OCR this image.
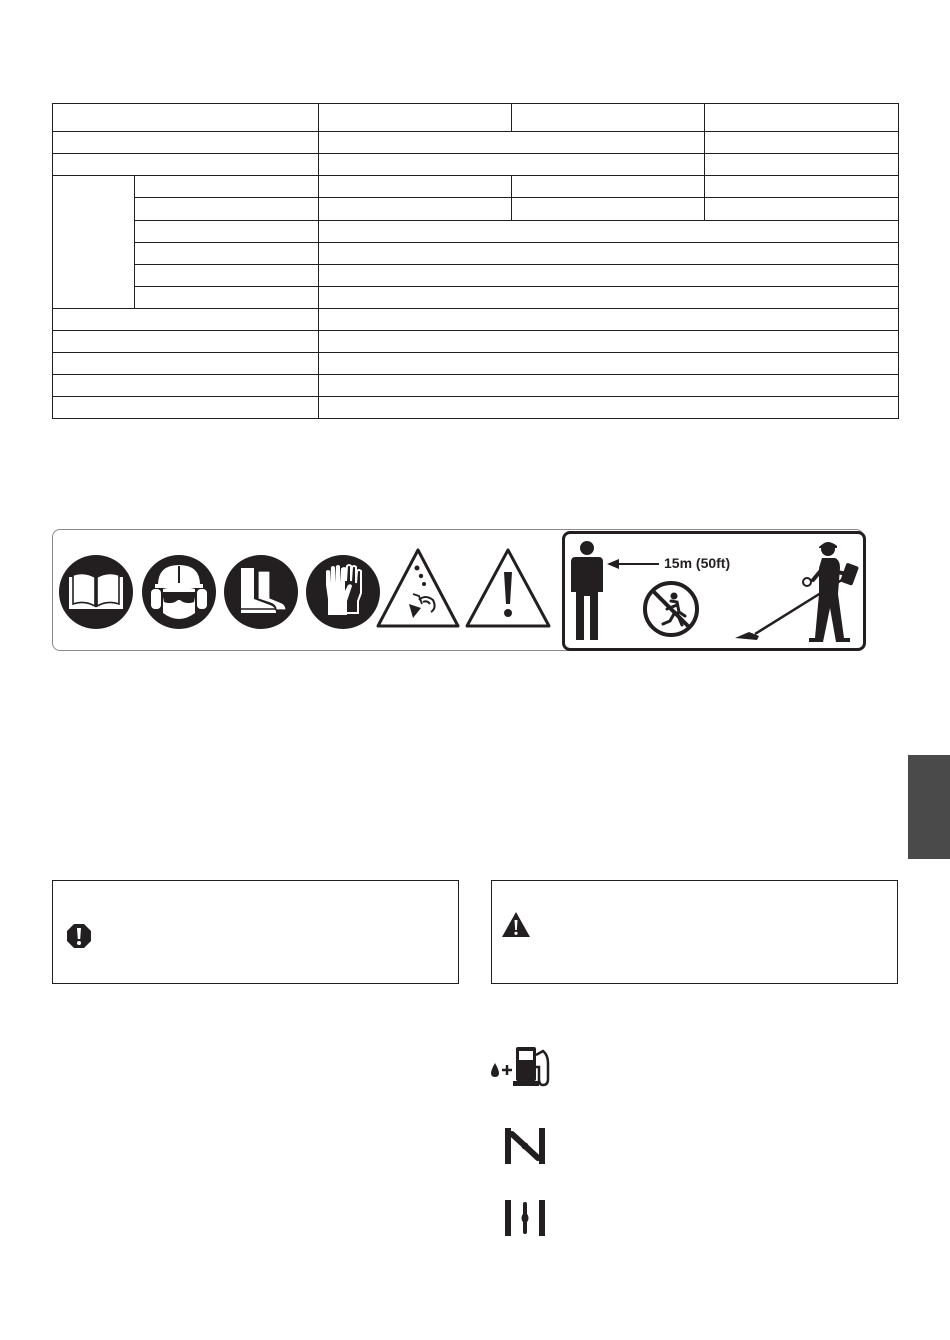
15m (50ft)
